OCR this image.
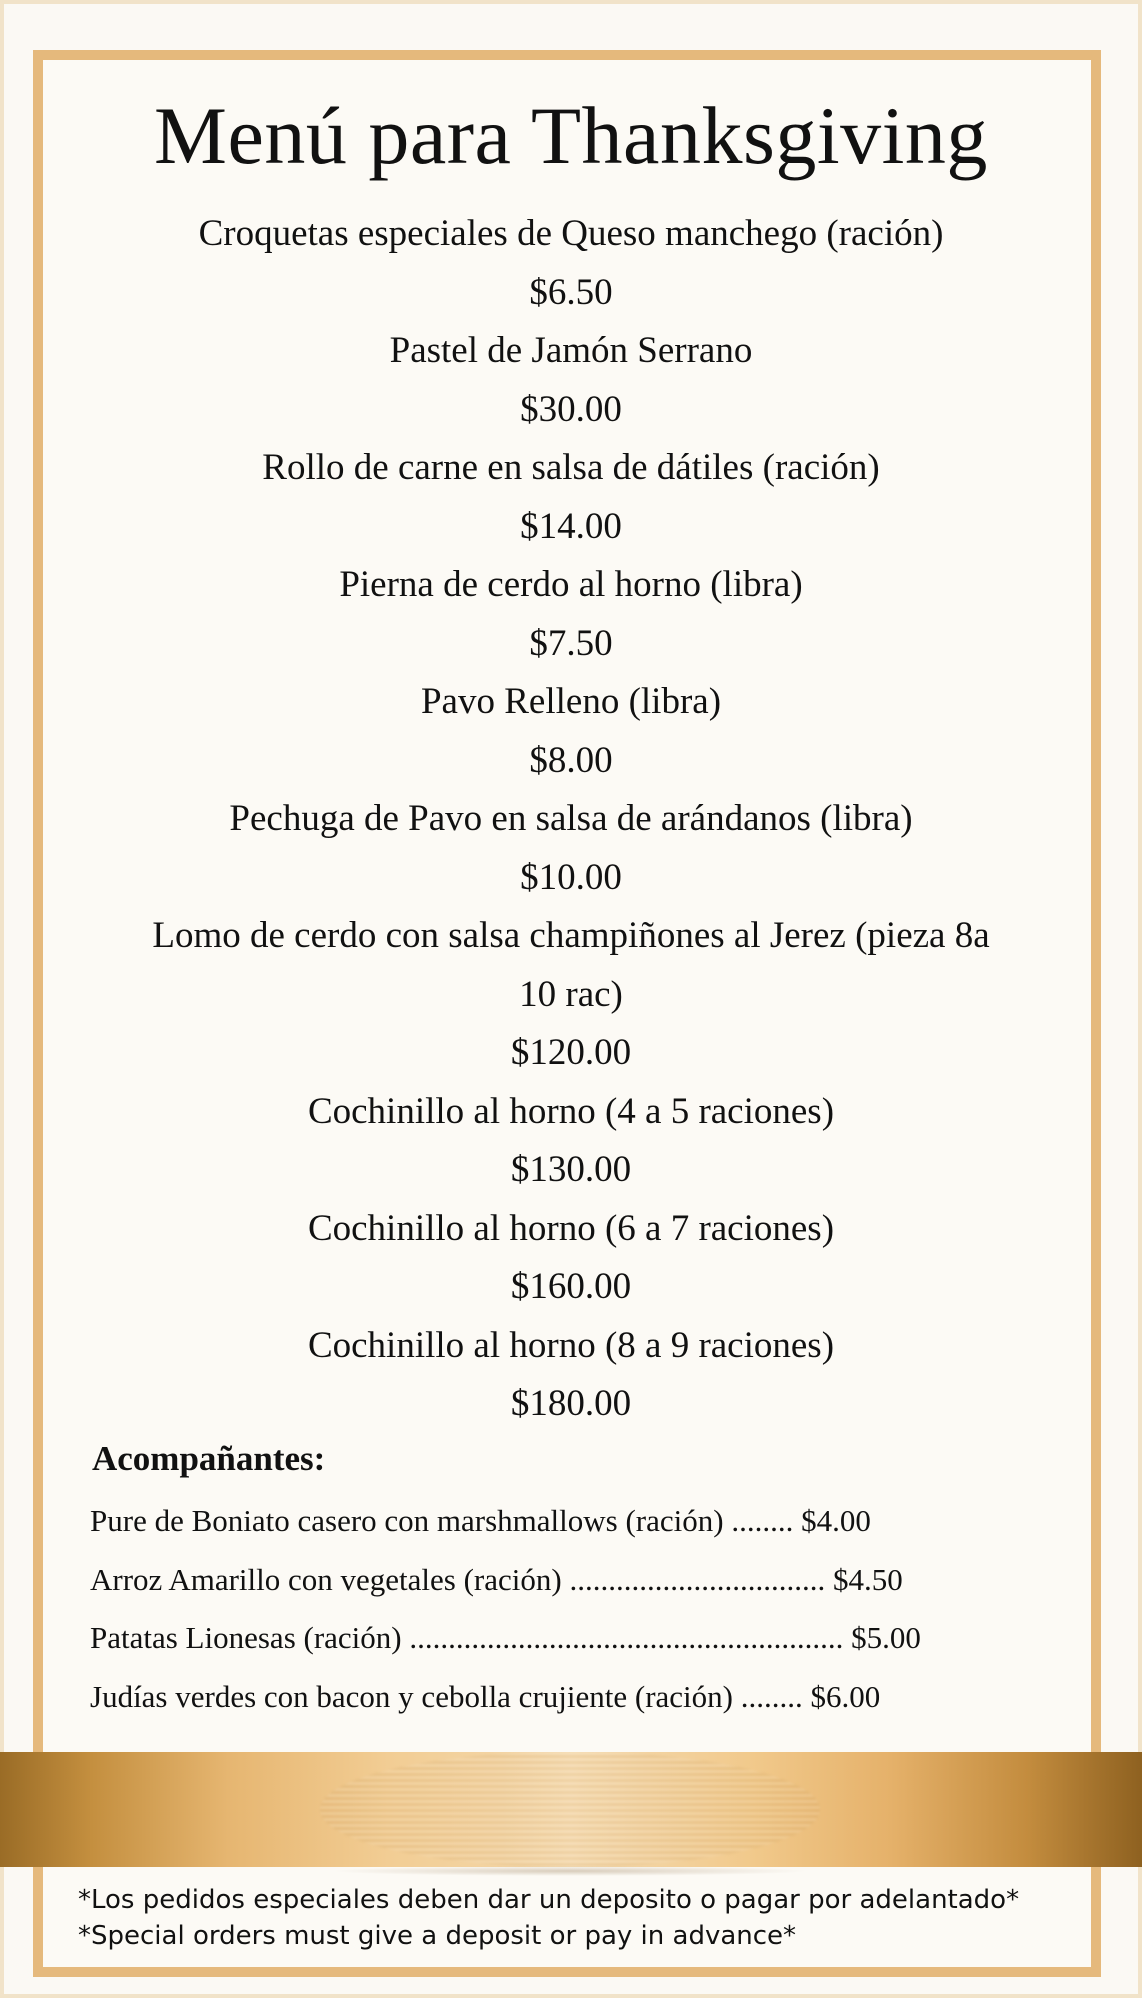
Menú para Thanksgiving
Croquetas especiales de Queso manchego (ración)
$6.50
Pastel de Jamón Serrano
$30.00
Rollo de carne en salsa de dátiles (ración)
$14.00
Pierna de cerdo al horno (libra)
$7.50
Pavo Relleno (libra)
$8.00
Pechuga de Pavo en salsa de arándanos (libra)
$10.00
Lomo de cerdo con salsa champiñones al Jerez (pieza 8a 10 rac)
$120.00
Cochinillo al horno (4 a 5 raciones)
$130.00
Cochinillo al horno (6 a 7 raciones)
$160.00
Cochinillo al horno (8 a 9 raciones)
$180.00
Acompañantes:
Pure de Boniato casero con marshmallows (ración) ........ $4.00
Arroz Amarillo con vegetales (ración) ................................. $4.50
Patatas Lionesas (ración) ........................................................ $5.00
Judías verdes con bacon y cebolla crujiente (ración) ........ $6.00
*Los pedidos especiales deben dar un deposito o pagar por adelantado*
*Special orders must give a deposit or pay in advance*
